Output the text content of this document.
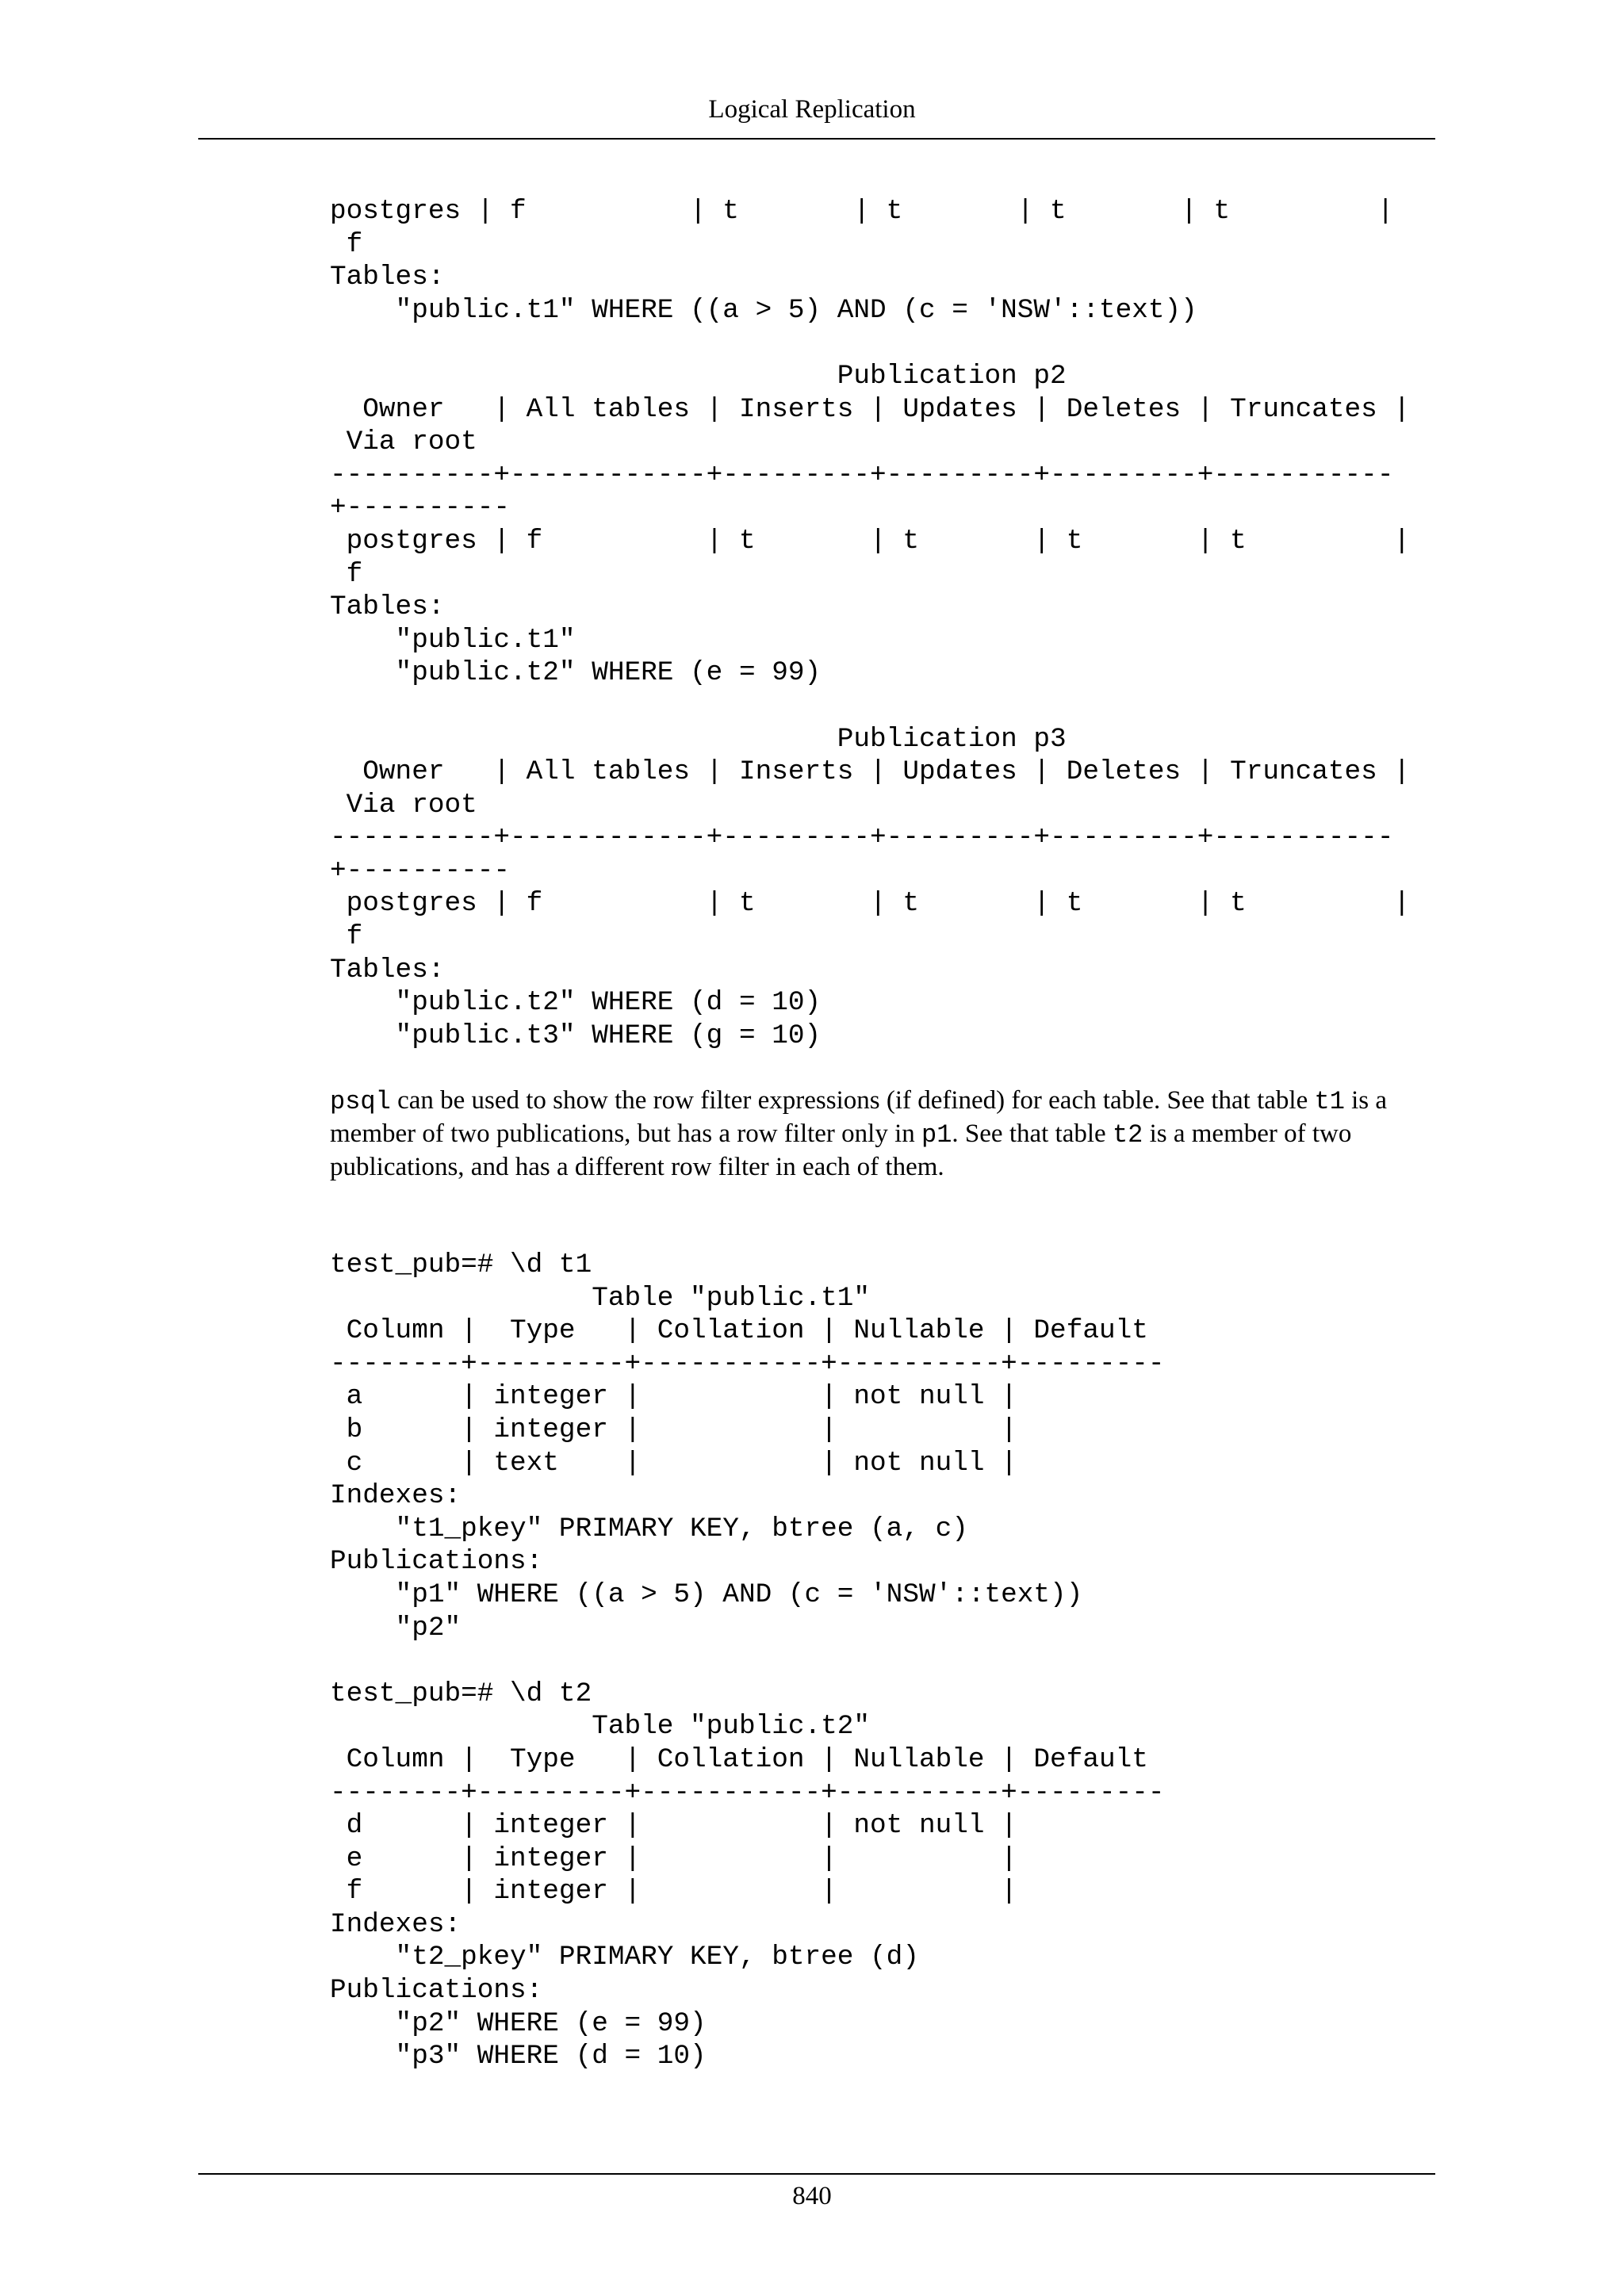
Logical Replication
postgres | f          | t       | t       | t       | t         |
f
Tables:
"public.t1" WHERE ((a > 5) AND (c = 'NSW'::text))

Publication p2
Owner   | All tables | Inserts | Updates | Deletes | Truncates |
Via root
----------+------------+---------+---------+---------+-----------
+----------
postgres | f          | t       | t       | t       | t         |
f
Tables:
"public.t1"
"public.t2" WHERE (e = 99)

Publication p3
Owner   | All tables | Inserts | Updates | Deletes | Truncates |
Via root
----------+------------+---------+---------+---------+-----------
+----------
postgres | f          | t       | t       | t       | t         |
f
Tables:
"public.t2" WHERE (d = 10)
"public.t3" WHERE (g = 10)

psql can be used to show the row filter expressions (if defined) for each table. See that table t1 is a member of two publications, but has a row filter only in p1. See that table t2 is a member of two publications, and has a different row filter in each of them.

test_pub=# \d t1
Table "public.t1"
Column |  Type   | Collation | Nullable | Default
--------+---------+-----------+----------+---------
a      | integer |           | not null |
b      | integer |           |          |
c      | text    |           | not null |
Indexes:
"t1_pkey" PRIMARY KEY, btree (a, c)
Publications:
"p1" WHERE ((a > 5) AND (c = 'NSW'::text))
"p2"

test_pub=# \d t2
Table "public.t2"
Column |  Type   | Collation | Nullable | Default
--------+---------+-----------+----------+---------
d      | integer |           | not null |
e      | integer |           |          |
f      | integer |           |          |
Indexes:
"t2_pkey" PRIMARY KEY, btree (d)
Publications:
"p2" WHERE (e = 99)
"p3" WHERE (d = 10)
840
